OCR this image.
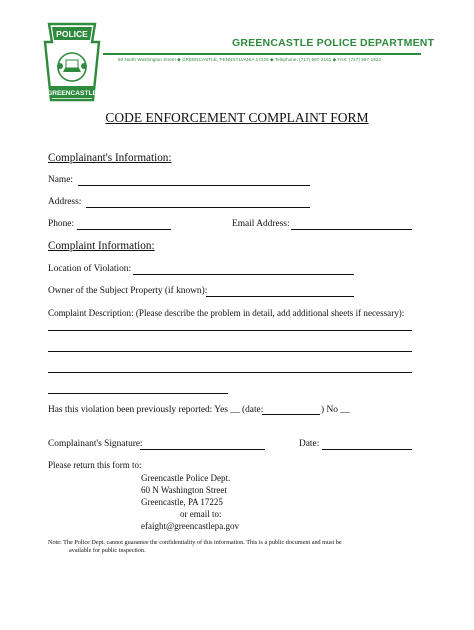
POLICE
GREENCASTLE
GREENCASTLE POLICE DEPARTMENT
60 North Washington Street ◆ GREENCASTLE, PENNSYLVANIA 17225 ◆ Telephone: (717) 597-2161 ◆ FAX: (717) 597-1522
CODE ENFORCEMENT COMPLAINT FORM
Complainant's Information:
Name:
Address:
Phone:	Email Address:
Complaint Information:
Location of Violation:
Owner of the Subject Property (if known):
Complaint Description: (Please describe the problem in detail, add additional sheets if necessary):
Has this violation been previously reported: Yes __ (date:	) No __
Complainant's Signature:	Date:
Please return this form to:
Greencastle Police Dept.
60 N Washington Street
Greencastle, PA 17225
or email to:
efaight@greencastlepa.gov
Note: The Police Dept. cannot guarantee the confidentiality of this information. This is a public document and must be
available for public inspection.
